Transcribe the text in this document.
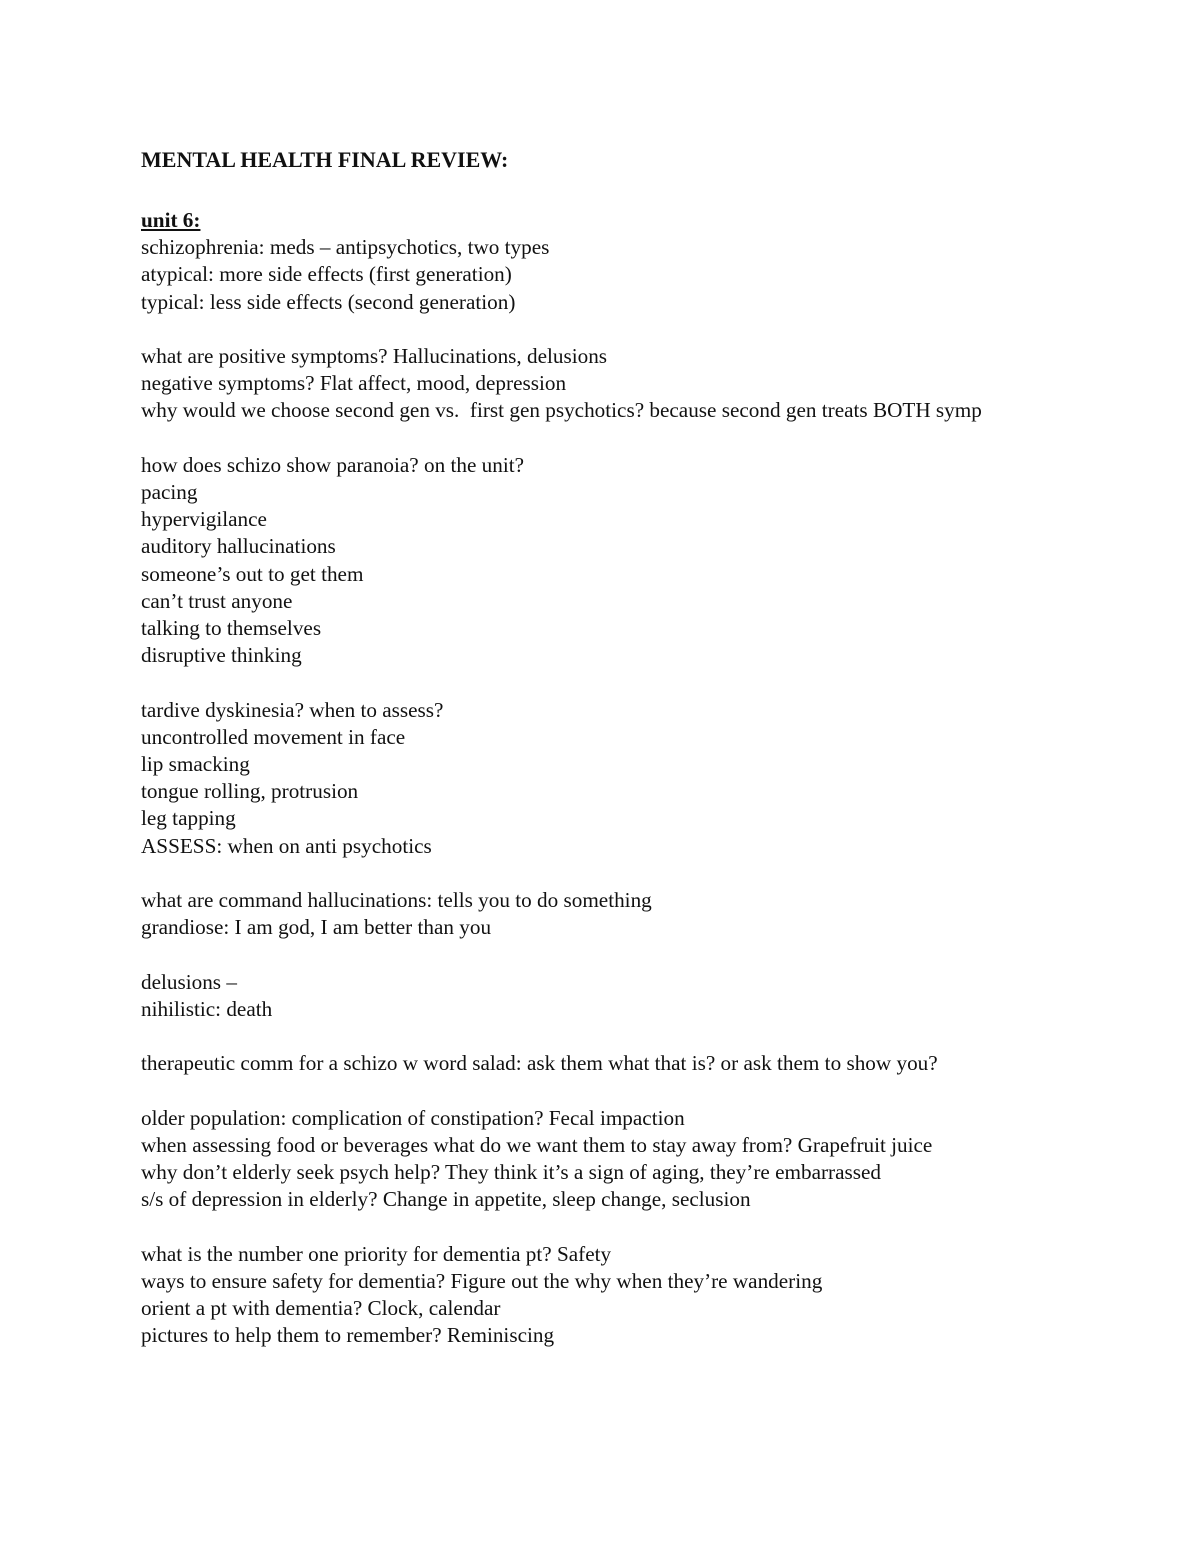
MENTAL HEALTH FINAL REVIEW:
unit 6:
schizophrenia: meds – antipsychotics, two types
atypical: more side effects (first generation)
typical: less side effects (second generation)
what are positive symptoms? Hallucinations, delusions
negative symptoms? Flat affect, mood, depression
why would we choose second gen vs.  first gen psychotics? because second gen treats BOTH symp
how does schizo show paranoia? on the unit?
pacing
hypervigilance
auditory hallucinations
someone’s out to get them
can’t trust anyone
talking to themselves
disruptive thinking
tardive dyskinesia? when to assess?
uncontrolled movement in face
lip smacking
tongue rolling, protrusion
leg tapping
ASSESS: when on anti psychotics
what are command hallucinations: tells you to do something
grandiose: I am god, I am better than you
delusions –
nihilistic: death
therapeutic comm for a schizo w word salad: ask them what that is? or ask them to show you?
older population: complication of constipation? Fecal impaction
when assessing food or beverages what do we want them to stay away from? Grapefruit juice
why don’t elderly seek psych help? They think it’s a sign of aging, they’re embarrassed
s/s of depression in elderly? Change in appetite, sleep change, seclusion
what is the number one priority for dementia pt? Safety
ways to ensure safety for dementia? Figure out the why when they’re wandering
orient a pt with dementia? Clock, calendar
pictures to help them to remember? Reminiscing
